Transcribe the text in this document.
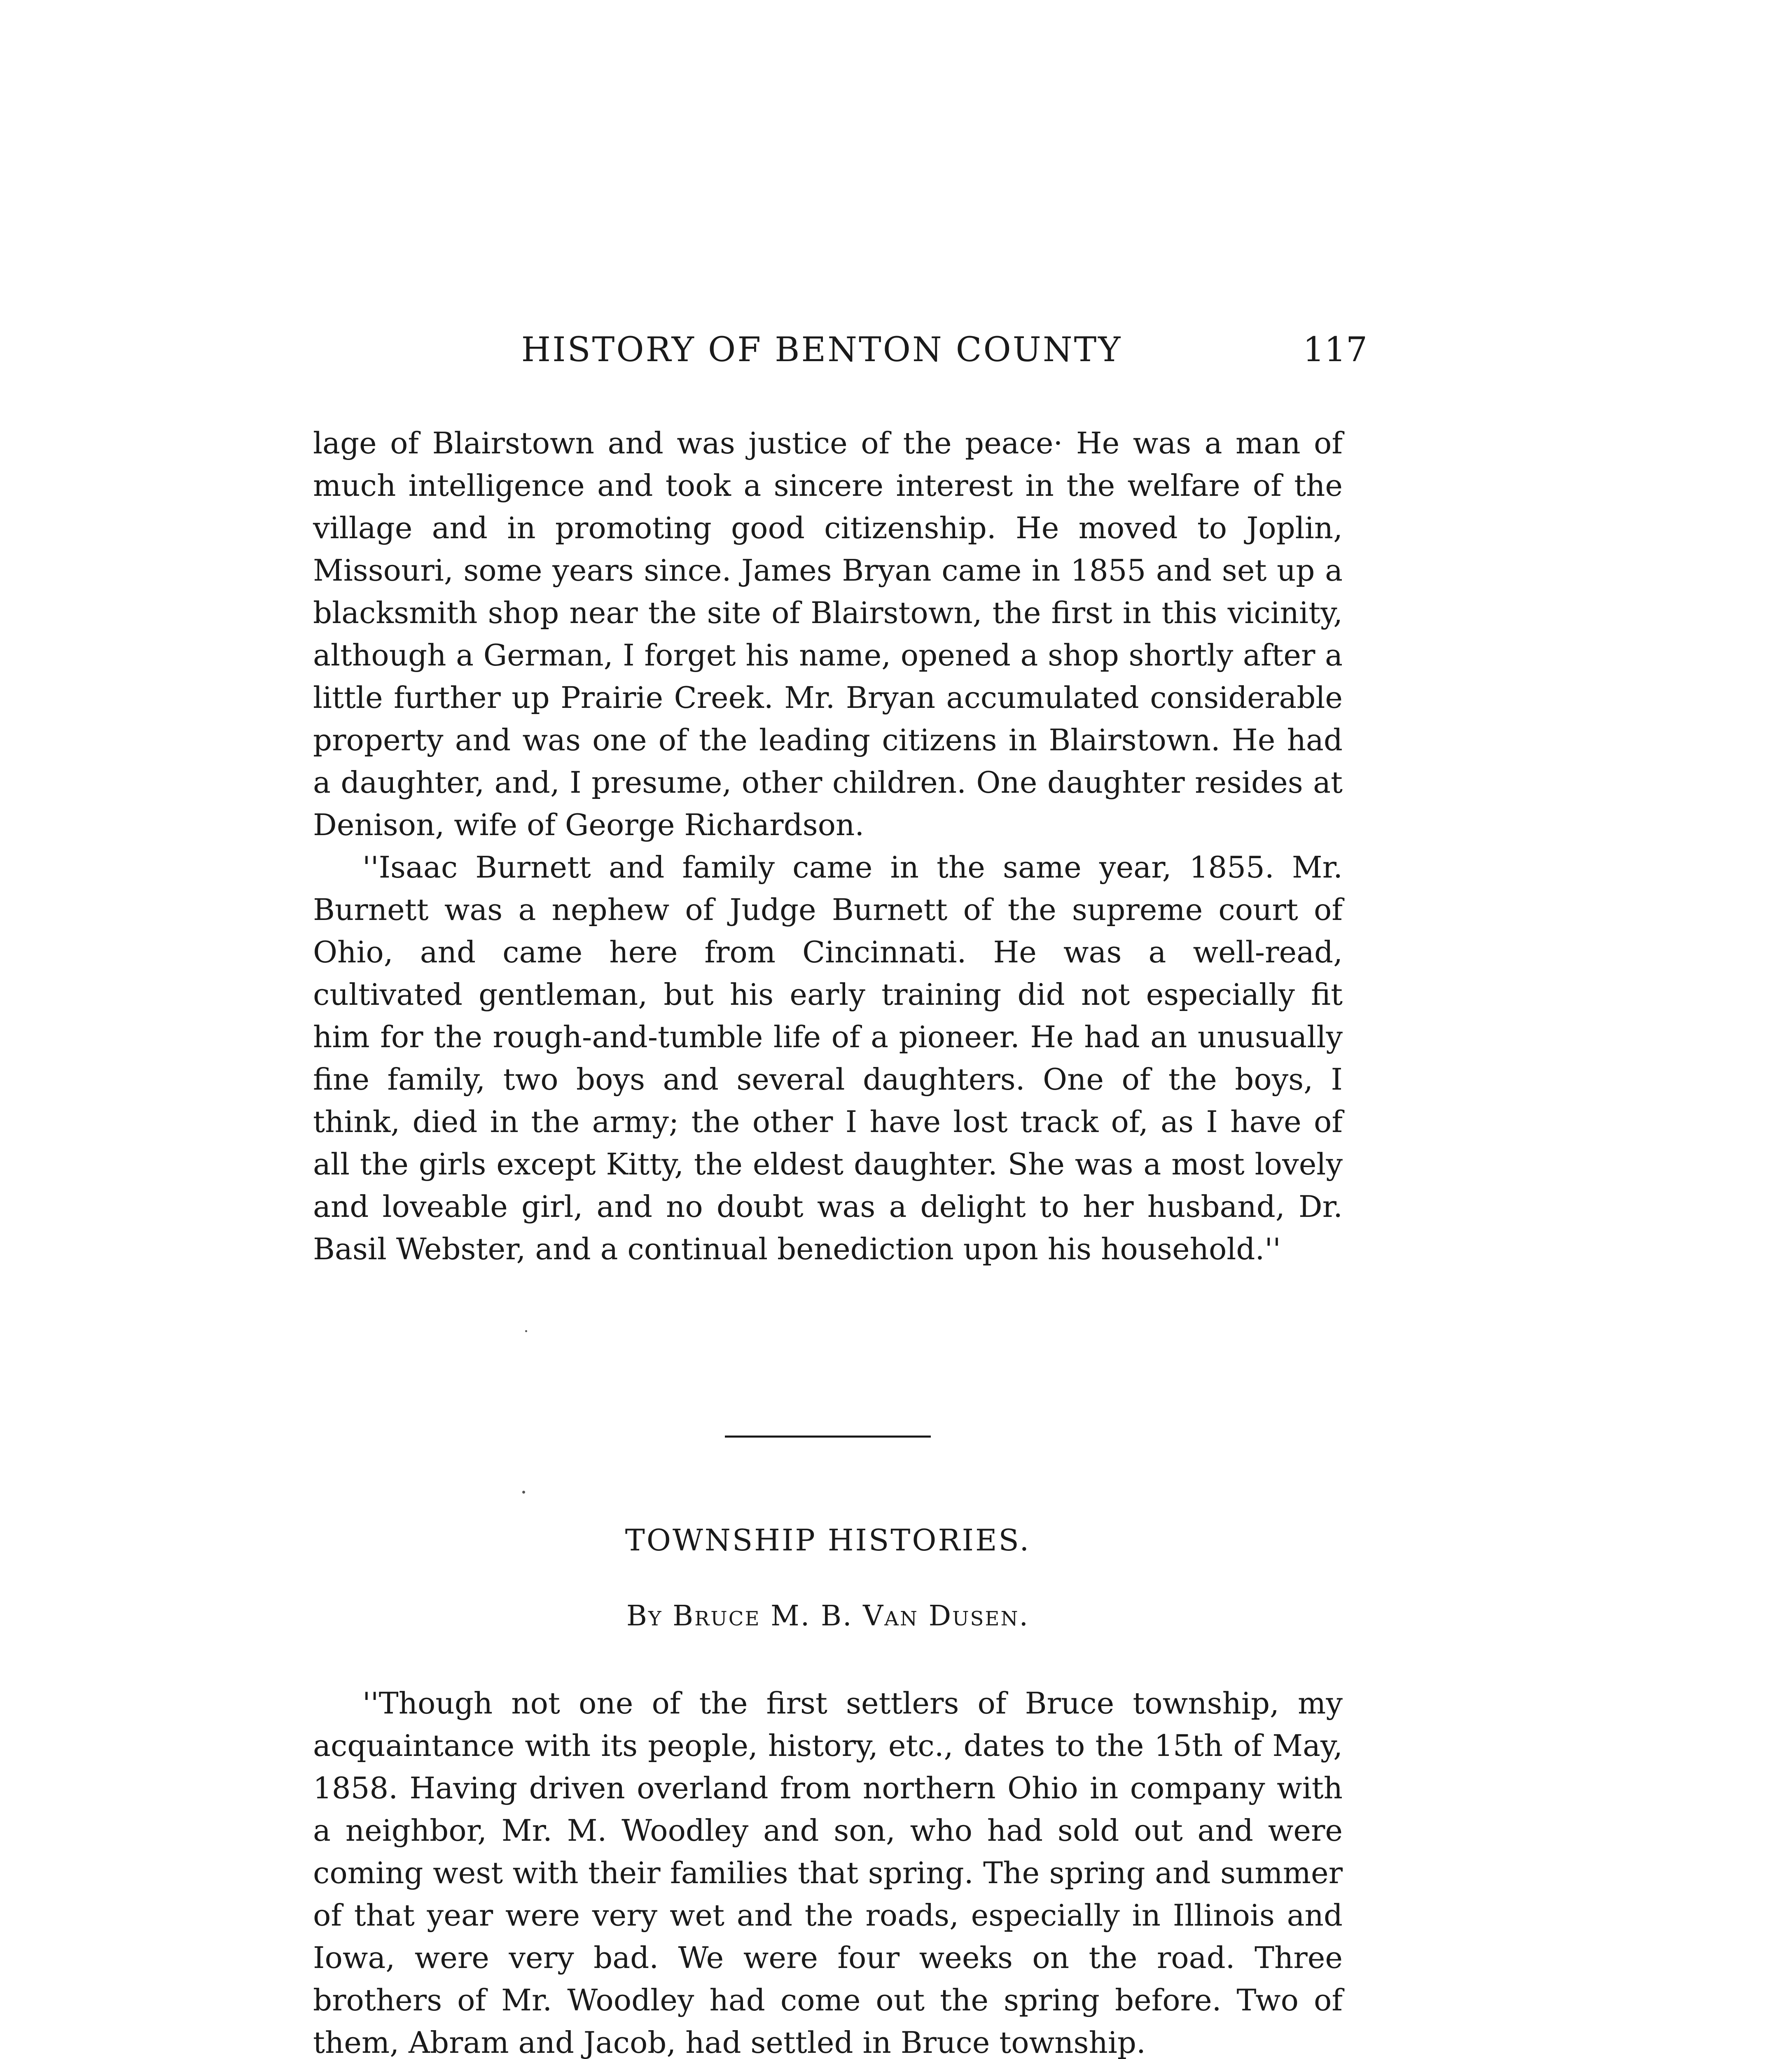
HISTORY OF BENTON COUNTY	117

lage of Blairstown and was justice of the peace· He was a man of much intelligence and took a sincere interest in the welfare of the village and in promoting good citizenship. He moved to Joplin, Missouri, some years since. James Bryan came in 1855 and set up a blacksmith shop near the site of Blairstown, the first in this vicinity, although a German, I forget his name, opened a shop shortly after a little further up Prairie Creek. Mr. Bryan accumulated considerable property and was one of the leading citizens in Blairstown. He had a daughter, and, I presume, other children. One daughter resides at Denison, wife of George Richardson.

''Isaac Burnett and family came in the same year, 1855. Mr. Burnett was a nephew of Judge Burnett of the supreme court of Ohio, and came here from Cincinnati. He was a well-read, cultivated gentleman, but his early training did not especially fit him for the rough-and-tumble life of a pioneer. He had an unusually fine family, two boys and several daughters. One of the boys, I think, died in the army; the other I have lost track of, as I have of all the girls except Kitty, the eldest daughter. She was a most lovely and loveable girl, and no doubt was a delight to her husband, Dr. Basil Webster, and a continual benediction upon his household.''

TOWNSHIP HISTORIES.
By Bruce M. B. Van Dusen.

''Though not one of the first settlers of Bruce township, my acquaintance with its people, history, etc., dates to the 15th of May, 1858. Having driven overland from northern Ohio in company with a neighbor, Mr. M. Woodley and son, who had sold out and were coming west with their families that spring. The spring and summer of that year were very wet and the roads, especially in Illinois and Iowa, were very bad. We were four weeks on the road. Three brothers of Mr. Woodley had come out the spring before. Two of them, Abram and Jacob, had settled in Bruce township.
